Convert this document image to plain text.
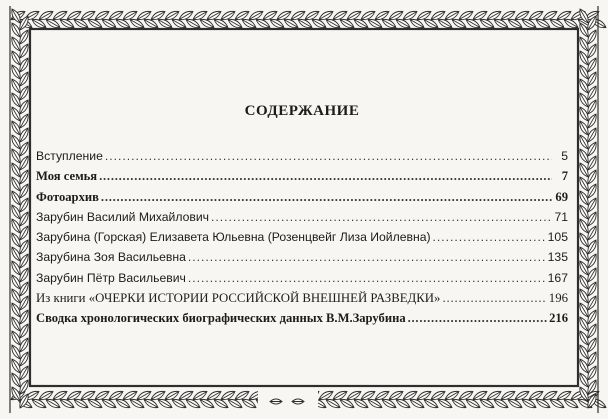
СОДЕРЖАНИЕ
Вступление . . .	5
Моя семья . . .	7
Фотоархив . . .	69
Зарубин Василий Михайлович . . .	71
Зарубина (Горская) Елизавета Юльевна (Розенцвейг Лиза Иойлевна) . . .	105
Зарубина Зоя Васильевна . . .	135
Зарубин Пётр Васильевич . . .	167
Из книги «ОЧЕРКИ ИСТОРИИ РОССИЙСКОЙ ВНЕШНЕЙ РАЗВЕДКИ» . . .	196
Сводка хронологических биографических данных В.М.Зарубина . . .	216
